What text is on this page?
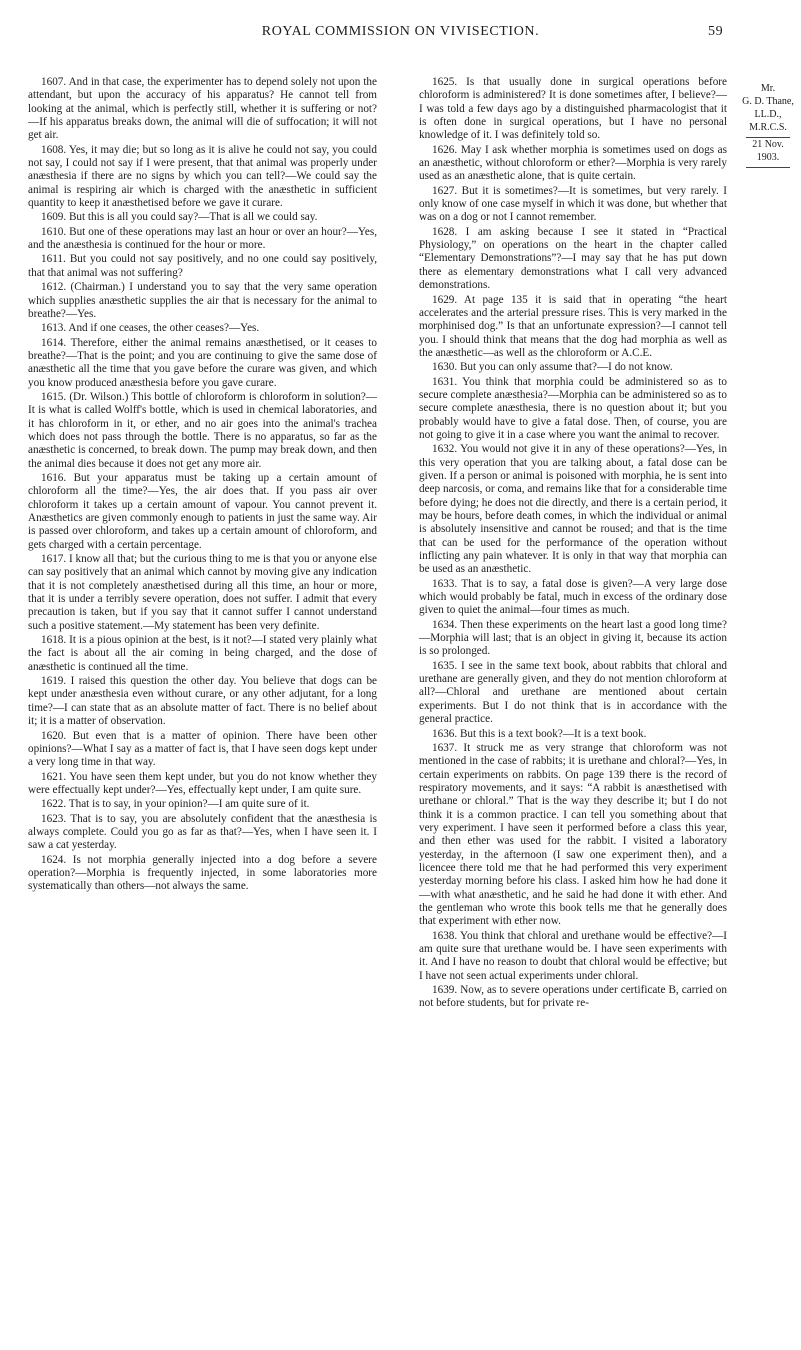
ROYAL COMMISSION ON VIVISECTION.	59

1607. And in that case, the experimenter has to depend solely not upon the attendant, but upon the accuracy of his apparatus? He cannot tell from looking at the animal, which is perfectly still, whether it is suffering or not?—If his apparatus breaks down, the animal will die of suffocation; it will not get air.

1608. Yes, it may die; but so long as it is alive he could not say, you could not say, I could not say if I were present, that that animal was properly under anæsthesia if there are no signs by which you can tell?—We could say the animal is respiring air which is charged with the anæsthetic in sufficient quantity to keep it anæsthetised before we gave it curare.

1609. But this is all you could say?—That is all we could say.

1610. But one of these operations may last an hour or over an hour?—Yes, and the anæsthesia is continued for the hour or more.

1611. But you could not say positively, and no one could say positively, that that animal was not suffering?

1612. (Chairman.) I understand you to say that the very same operation which supplies anæsthetic supplies the air that is necessary for the animal to breathe?—Yes.

1613. And if one ceases, the other ceases?—Yes.

1614. Therefore, either the animal remains anæsthetised, or it ceases to breathe?—That is the point; and you are continuing to give the same dose of anæsthetic all the time that you gave before the curare was given, and which you know produced anæsthesia before you gave curare.

1615. (Dr. Wilson.) This bottle of chloroform is chloroform in solution?—It is what is called Wolff's bottle, which is used in chemical laboratories, and it has chloroform in it, or ether, and no air goes into the animal's trachea which does not pass through the bottle. There is no apparatus, so far as the anæsthetic is concerned, to break down. The pump may break down, and then the animal dies because it does not get any more air.

1616. But your apparatus must be taking up a certain amount of chloroform all the time?—Yes, the air does that. If you pass air over chloroform it takes up a certain amount of vapour. You cannot prevent it. Anæsthetics are given commonly enough to patients in just the same way. Air is passed over chloroform, and takes up a certain amount of chloroform, and gets charged with a certain percentage.

1617. I know all that; but the curious thing to me is that you or anyone else can say positively that an animal which cannot by moving give any indication that it is not completely anæsthetised during all this time, an hour or more, that it is under a terribly severe operation, does not suffer. I admit that every precaution is taken, but if you say that it cannot suffer I cannot understand such a positive statement.—My statement has been very definite.

1618. It is a pious opinion at the best, is it not?—I stated very plainly what the fact is about all the air coming in being charged, and the dose of anæsthetic is continued all the time.

1619. I raised this question the other day. You believe that dogs can be kept under anæsthesia even without curare, or any other adjutant, for a long time?—I can state that as an absolute matter of fact. There is no belief about it; it is a matter of observation.

1620. But even that is a matter of opinion. There have been other opinions?—What I say as a matter of fact is, that I have seen dogs kept under a very long time in that way.

1621. You have seen them kept under, but you do not know whether they were effectually kept under?—Yes, effectually kept under, I am quite sure.

1622. That is to say, in your opinion?—I am quite sure of it.

1623. That is to say, you are absolutely confident that the anæsthesia is always complete. Could you go as far as that?—Yes, when I have seen it. I saw a cat yesterday.

1624. Is not morphia generally injected into a dog before a severe operation?—Morphia is frequently injected, in some laboratories more systematically than others—not always the same.

1625. Is that usually done in surgical operations before chloroform is administered? It is done sometimes after, I believe?—I was told a few days ago by a distinguished pharmacologist that it is often done in surgical operations, but I have no personal knowledge of it. I was definitely told so.

1626. May I ask whether morphia is sometimes used on dogs as an anæsthetic, without chloroform or ether?—Morphia is very rarely used as an anæsthetic alone, that is quite certain.

1627. But it is sometimes?—It is sometimes, but very rarely. I only know of one case myself in which it was done, but whether that was on a dog or not I cannot remember.

1628. I am asking because I see it stated in “Practical Physiology,” on operations on the heart in the chapter called “Elementary Demonstrations”?—I may say that he has put down there as elementary demonstrations what I call very advanced demonstrations.

1629. At page 135 it is said that in operating “the heart accelerates and the arterial pressure rises. This is very marked in the morphinised dog.” Is that an unfortunate expression?—I cannot tell you. I should think that means that the dog had morphia as well as the anæsthetic—as well as the chloroform or A.C.E.

1630. But you can only assume that?—I do not know.

1631. You think that morphia could be administered so as to secure complete anæsthesia?—Morphia can be administered so as to secure complete anæsthesia, there is no question about it; but you probably would have to give a fatal dose. Then, of course, you are not going to give it in a case where you want the animal to recover.

1632. You would not give it in any of these operations?—Yes, in this very operation that you are talking about, a fatal dose can be given. If a person or animal is poisoned with morphia, he is sent into deep narcosis, or coma, and remains like that for a considerable time before dying; he does not die directly, and there is a certain period, it may be hours, before death comes, in which the individual or animal is absolutely insensitive and cannot be roused; and that is the time that can be used for the performance of the operation without inflicting any pain whatever. It is only in that way that morphia can be used as an anæsthetic.

1633. That is to say, a fatal dose is given?—A very large dose which would probably be fatal, much in excess of the ordinary dose given to quiet the animal—four times as much.

1634. Then these experiments on the heart last a good long time?—Morphia will last; that is an object in giving it, because its action is so prolonged.

1635. I see in the same text book, about rabbits that chloral and urethane are generally given, and they do not mention chloroform at all?—Chloral and urethane are mentioned about certain experiments. But I do not think that is in accordance with the general practice.

1636. But this is a text book?—It is a text book.

1637. It struck me as very strange that chloroform was not mentioned in the case of rabbits; it is urethane and chloral?—Yes, in certain experiments on rabbits. On page 139 there is the record of respiratory movements, and it says: “A rabbit is anæsthetised with urethane or chloral.” That is the way they describe it; but I do not think it is a common practice. I can tell you something about that very experiment. I have seen it performed before a class this year, and then ether was used for the rabbit. I visited a laboratory yesterday, in the afternoon (I saw one experiment then), and a licencee there told me that he had performed this very experiment yesterday morning before his class. I asked him how he had done it—with what anæsthetic, and he said he had done it with ether. And the gentleman who wrote this book tells me that he generally does that experiment with ether now.

1638. You think that chloral and urethane would be effective?—I am quite sure that urethane would be. I have seen experiments with it. And I have no reason to doubt that chloral would be effective; but I have not seen actual experiments under chloral.

1639. Now, as to severe operations under certificate B, carried on not before students, but for private re-

Mr.
G. D. Thane,
LL.D.,
M.R.C.S.
21 Nov. 1903.
